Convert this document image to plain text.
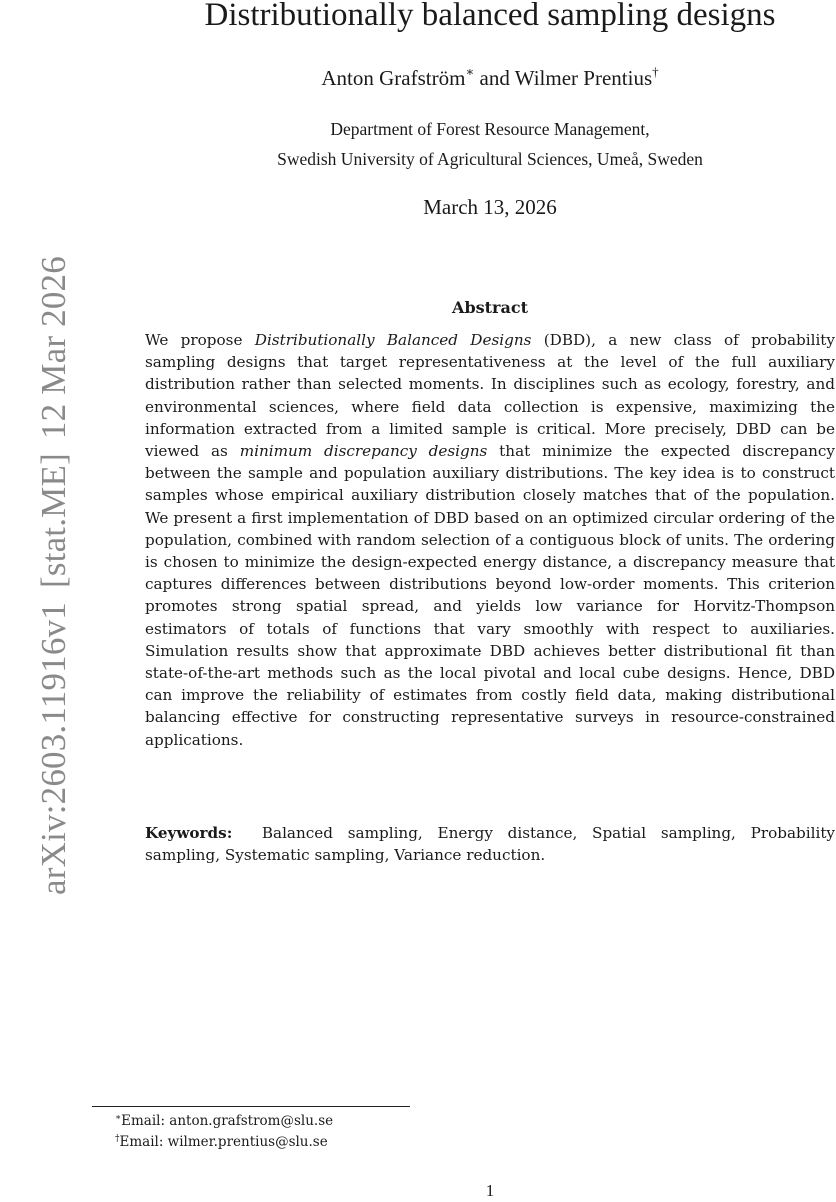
arXiv:2603.11916v1[stat.ME]12 Mar 2026
Distributionally balanced sampling designs
Anton Grafström∗ and Wilmer Prentius†
Department of Forest Resource Management,
Swedish University of Agricultural Sciences, Umeå, Sweden
March 13, 2026
Abstract

We propose Distributionally Balanced Designs (DBD), a new class of probability sampling designs that target representativeness at the level of the full auxiliary distribution rather than selected moments. In disciplines such as ecology, forestry, and environmental sciences, where field data collection is expensive, maximizing the information extracted from a limited sample is critical. More precisely, DBD can be viewed as minimum discrepancy designs that minimize the expected discrepancy between the sample and population auxiliary distributions. The key idea is to construct samples whose empirical auxiliary distribution closely matches that of the population. We present a first implementation of DBD based on an optimized circular ordering of the population, combined with random selection of a contiguous block of units. The ordering is chosen to minimize the design-expected energy distance, a discrepancy measure that captures differences between distributions beyond low-order moments. This criterion promotes strong spatial spread, and yields low variance for Horvitz-Thompson estimators of totals of functions that vary smoothly with respect to auxiliaries. Simulation results show that approximate DBD achieves better distributional fit than state-of-the-art methods such as the local pivotal and local cube designs. Hence, DBD can improve the reliability of estimates from costly field data, making distributional balancing effective for constructing representative surveys in resource-constrained applications.

Keywords: Balanced sampling, Energy distance, Spatial sampling, Probability sampling, Systematic sampling, Variance reduction.
∗Email: anton.grafstrom@slu.se
†Email: wilmer.prentius@slu.se
1
